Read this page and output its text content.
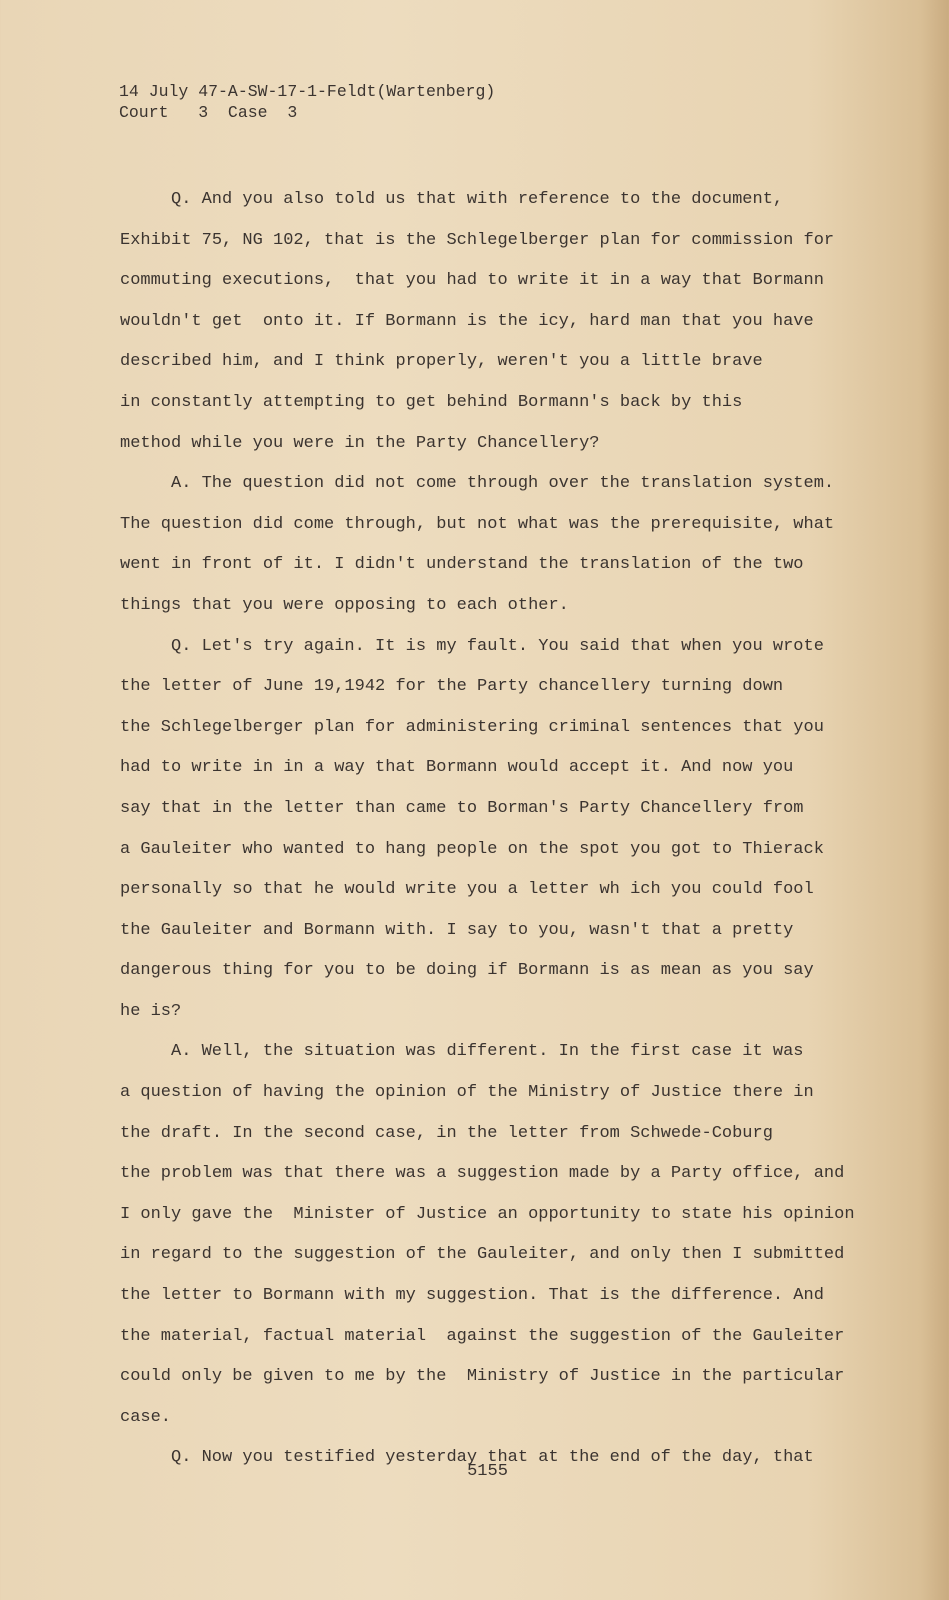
14 July 47-A-SW-17-1-Feldt(Wartenberg)
Court   3  Case  3
Q. And you also told us that with reference to the document,
Exhibit 75, NG 102, that is the Schlegelberger plan for commission for
commuting executions,  that you had to write it in a way that Bormann
wouldn't get  onto it. If Bormann is the icy, hard man that you have
described him, and I think properly, weren't you a little brave
in constantly attempting to get behind Bormann's back by this
method while you were in the Party Chancellery?
A. The question did not come through over the translation system.
The question did come through, but not what was the prerequisite, what
went in front of it. I didn't understand the translation of the two
things that you were opposing to each other.
Q. Let's try again. It is my fault. You said that when you wrote
the letter of June 19,1942 for the Party chancellery turning down
the Schlegelberger plan for administering criminal sentences that you
had to write in in a way that Bormann would accept it. And now you
say that in the letter than came to Borman's Party Chancellery from
a Gauleiter who wanted to hang people on the spot you got to Thierack
personally so that he would write you a letter wh ich you could fool
the Gauleiter and Bormann with. I say to you, wasn't that a pretty
dangerous thing for you to be doing if Bormann is as mean as you say
he is?
A. Well, the situation was different. In the first case it was
a question of having the opinion of the Ministry of Justice there in
the draft. In the second case, in the letter from Schwede-Coburg
the problem was that there was a suggestion made by a Party office, and
I only gave the  Minister of Justice an opportunity to state his opinion
in regard to the suggestion of the Gauleiter, and only then I submitted
the letter to Bormann with my suggestion. That is the difference. And
the material, factual material  against the suggestion of the Gauleiter
could only be given to me by the  Ministry of Justice in the particular
case.
Q. Now you testified yesterday that at the end of the day, that
5155
